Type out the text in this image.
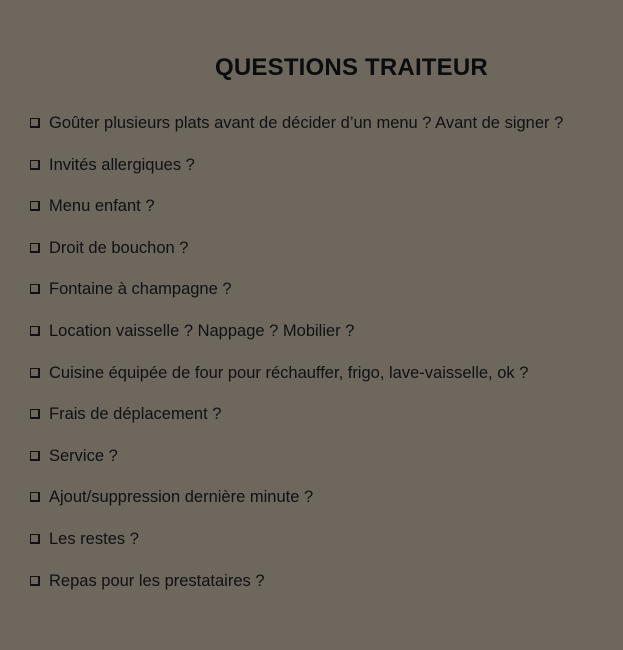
QUESTIONS TRAITEUR
Goûter plusieurs plats avant de décider d’un menu ? Avant de signer ?
Invités allergiques ?
Menu enfant ?
Droit de bouchon ?
Fontaine à champagne ?
Location vaisselle ? Nappage ? Mobilier ?
Cuisine équipée de four pour réchauffer, frigo, lave-vaisselle, ok ?
Frais de déplacement ?
Service ?
Ajout/suppression dernière minute ?
Les restes ?
Repas pour les prestataires ?
